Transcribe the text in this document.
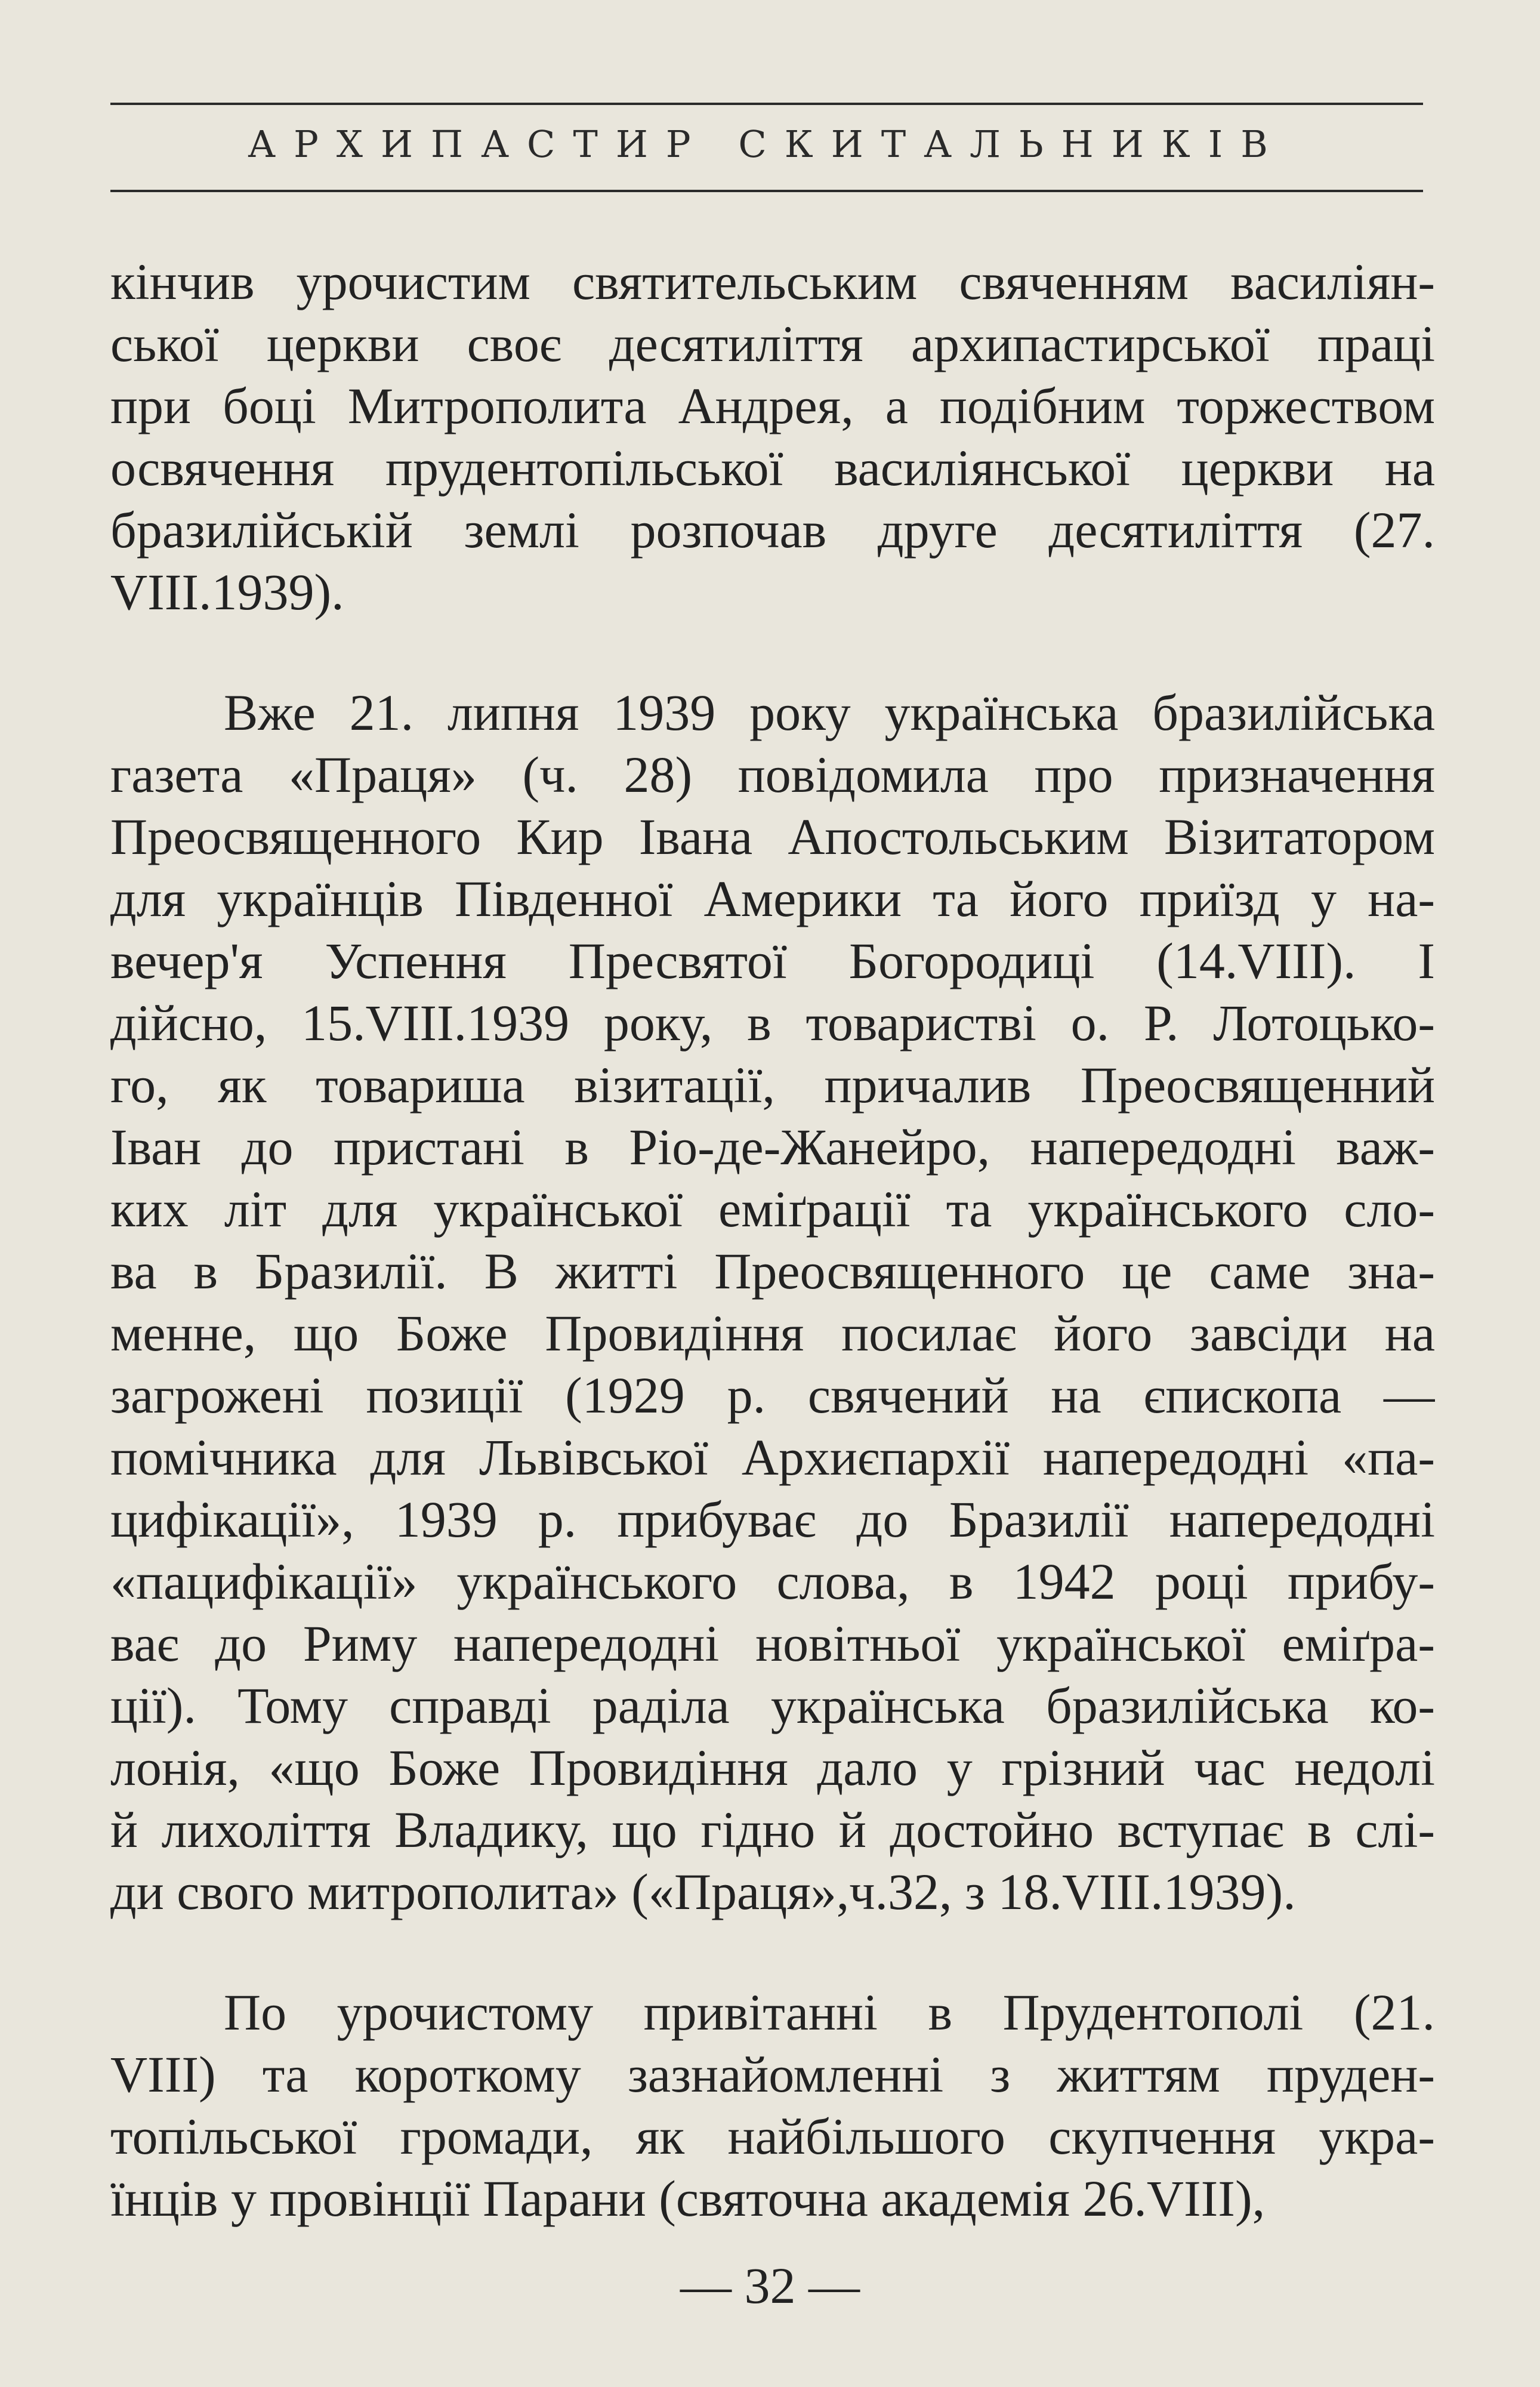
АРХИПАСТИР СКИТАЛЬНИКІВ
кінчив урочистим святительським свяченням василіян-
ської церкви своє десятиліття архипастирської праці
при боці Митрополита Андрея, а подібним торжеством
освячення прудентопільської василіянської церкви на
бразилійській землі розпочав друге десятиліття (27.
VIII.1939).
Вже 21. липня 1939 року українська бразилійська
газета «Праця» (ч. 28) повідомила про призначення
Преосвященного Кир Івана Апостольським Візитатором
для українців Південної Америки та його приїзд у на-
вечер'я Успення Пресвятої Богородиці (14.VIII). І
дійсно, 15.VIII.1939 року, в товаристві о. Р. Лотоцько-
го, як товариша візитації, причалив Преосвященний
Іван до пристані в Ріо-де-Жанейро, напередодні важ-
ких літ для української еміґрації та українського сло-
ва в Бразилії. В житті Преосвященного це саме зна-
менне, що Боже Провидіння посилає його завсіди на
загрожені позиції (1929 р. свячений на єпископа —
помічника для Львівської Архиєпархії напередодні «па-
цифікації», 1939 р. прибуває до Бразилії напередодні
«пацифікації» українського слова, в 1942 році прибу-
ває до Риму напередодні новітньої української еміґра-
ції). Тому справді раділа українська бразилійська ко-
лонія, «що Боже Провидіння дало у грізний час недолі
й лихоліття Владику, що гідно й достойно вступає в слі-
ди свого митрополита» («Праця»,ч.32, з 18.VIII.1939).
По урочистому привітанні в Прудентополі (21.
VIII) та короткому зазнайомленні з життям пруден-
топільської громади, як найбільшого скупчення укра-
їнців у провінції Парани (святочна академія 26.VIII),
— 32 —
